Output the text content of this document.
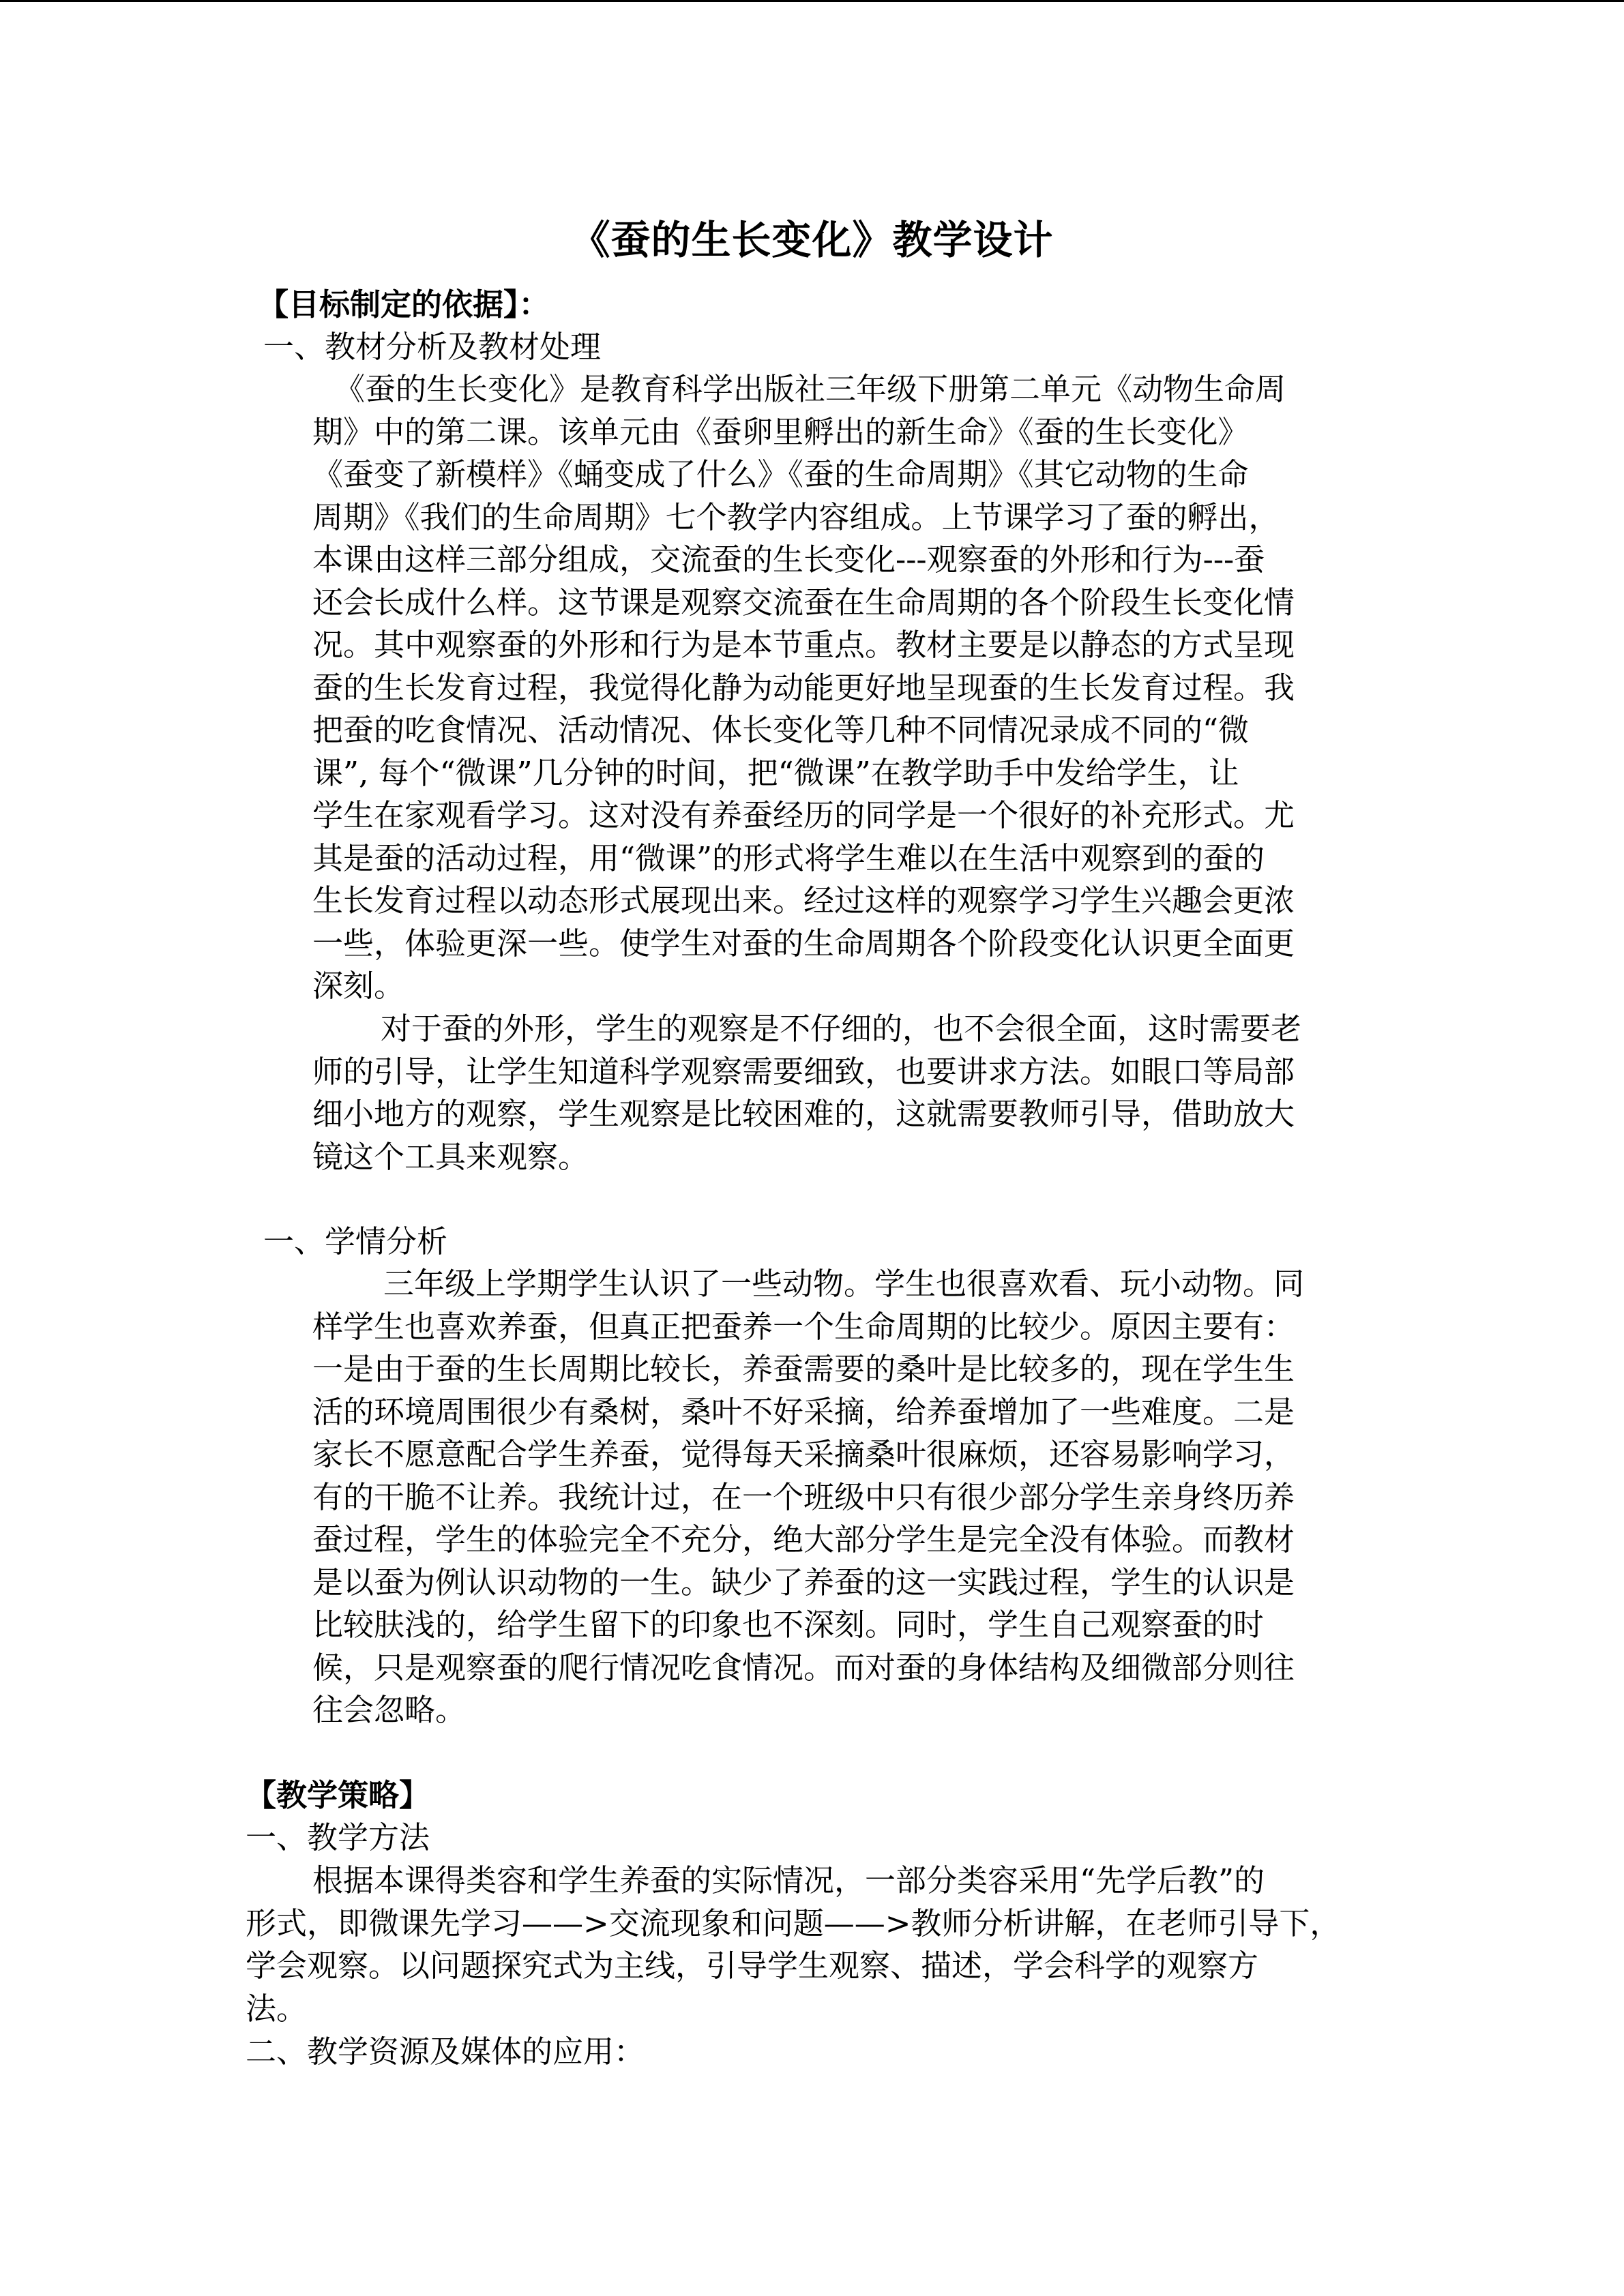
《蚕的生长变化》教学设计
【目标制定的依据】：
一、教材分析及教材处理
《蚕的生长变化》是教育科学出版社三年级下册第二单元《动物生命周
期》中的第二课。该单元由《蚕卵里孵出的新生命》《蚕的生长变化》
《蚕变了新模样》《蛹变成了什么》《蚕的生命周期》《其它动物的生命
周期》《我们的生命周期》七个教学内容组成。上节课学习了蚕的孵出，
本课由这样三部分组成，交流蚕的生长变化---观察蚕的外形和行为---蚕
还会长成什么样。这节课是观察交流蚕在生命周期的各个阶段生长变化情
况。其中观察蚕的外形和行为是本节重点。教材主要是以静态的方式呈现
蚕的生长发育过程，我觉得化静为动能更好地呈现蚕的生长发育过程。我
把蚕的吃食情况、活动情况、体长变化等几种不同情况录成不同的“微
课”, 每个“微课”几分钟的时间，把“微课”在教学助手中发给学生，让
学生在家观看学习。这对没有养蚕经历的同学是一个很好的补充形式。尤
其是蚕的活动过程，用“微课”的形式将学生难以在生活中观察到的蚕的
生长发育过程以动态形式展现出来。经过这样的观察学习学生兴趣会更浓
一些，体验更深一些。使学生对蚕的生命周期各个阶段变化认识更全面更
深刻。
对于蚕的外形，学生的观察是不仔细的，也不会很全面，这时需要老
师的引导，让学生知道科学观察需要细致，也要讲求方法。如眼口等局部
细小地方的观察，学生观察是比较困难的，这就需要教师引导，借助放大
镜这个工具来观察。
一、学情分析
三年级上学期学生认识了一些动物。学生也很喜欢看、玩小动物。同
样学生也喜欢养蚕，但真正把蚕养一个生命周期的比较少。原因主要有：
一是由于蚕的生长周期比较长，养蚕需要的桑叶是比较多的，现在学生生
活的环境周围很少有桑树，桑叶不好采摘，给养蚕增加了一些难度。二是
家长不愿意配合学生养蚕，觉得每天采摘桑叶很麻烦，还容易影响学习，
有的干脆不让养。我统计过，在一个班级中只有很少部分学生亲身终历养
蚕过程，学生的体验完全不充分，绝大部分学生是完全没有体验。而教材
是以蚕为例认识动物的一生。缺少了养蚕的这一实践过程，学生的认识是
比较肤浅的，给学生留下的印象也不深刻。同时，学生自己观察蚕的时
候，只是观察蚕的爬行情况吃食情况。而对蚕的身体结构及细微部分则往
往会忽略。
【教学策略】
一、教学方法
根据本课得类容和学生养蚕的实际情况，一部分类容采用“先学后教”的
形式，即微课先学习——>交流现象和问题——>教师分析讲解，在老师引导下，
学会观察。以问题探究式为主线，引导学生观察、描述，学会科学的观察方
法。
二、教学资源及媒体的应用：
